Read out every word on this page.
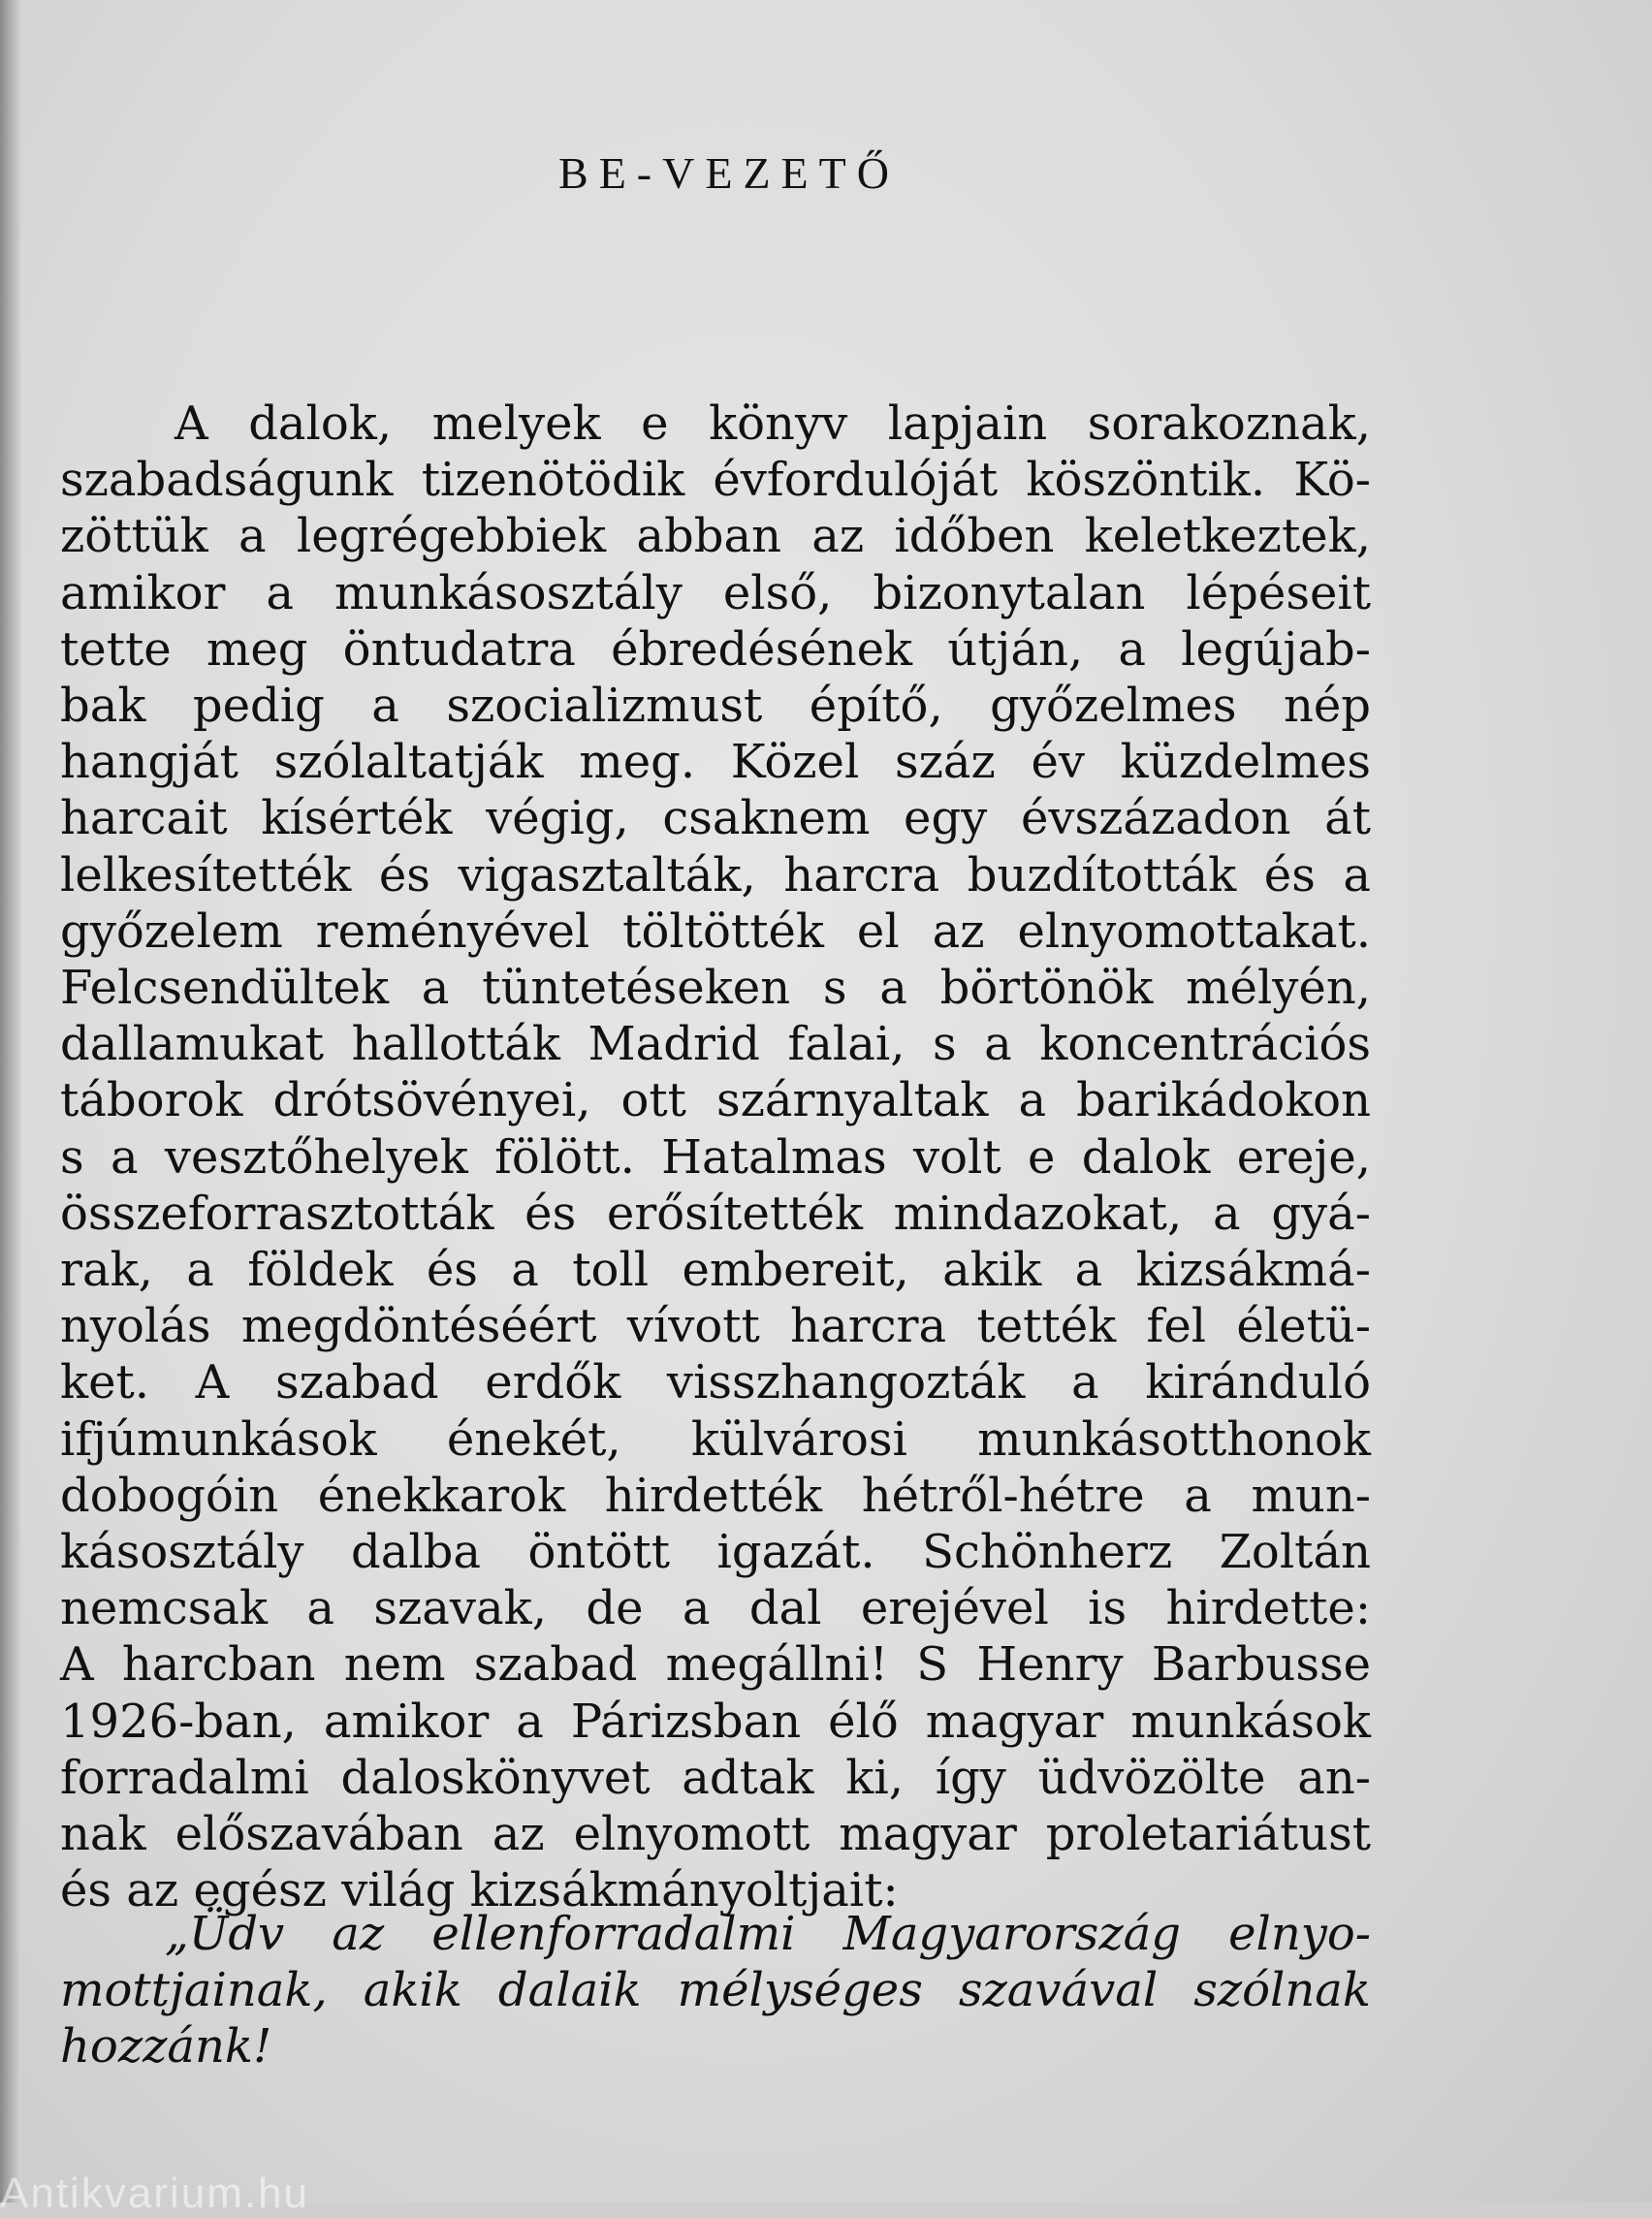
BE-VEZETŐ
A dalok, melyek e könyv lapjain sorakoznak,
szabadságunk tizenötödik évfordulóját köszöntik. Kö-
zöttük a legrégebbiek abban az időben keletkeztek,
amikor a munkásosztály első, bizonytalan lépéseit
tette meg öntudatra ébredésének útján, a legújab-
bak pedig a szocializmust építő, győzelmes nép
hangját szólaltatják meg. Közel száz év küzdelmes
harcait kísérték végig, csaknem egy évszázadon át
lelkesítették és vigasztalták, harcra buzdították és a
győzelem reményével töltötték el az elnyomottakat.
Felcsendültek a tüntetéseken s a börtönök mélyén,
dallamukat hallották Madrid falai, s a koncentrációs
táborok drótsövényei, ott szárnyaltak a barikádokon
s a vesztőhelyek fölött. Hatalmas volt e dalok ereje,
összeforrasztották és erősítették mindazokat, a gyá-
rak, a földek és a toll embereit, akik a kizsákmá-
nyolás megdöntéséért vívott harcra tették fel életü-
ket. A szabad erdők visszhangozták a kiránduló
ifjúmunkások énekét, külvárosi munkásotthonok
dobogóin énekkarok hirdették hétről-hétre a mun-
kásosztály dalba öntött igazát. Schönherz Zoltán
nemcsak a szavak, de a dal erejével is hirdette:
A harcban nem szabad megállni! S Henry Barbusse
1926-ban, amikor a Párizsban élő magyar munkások
forradalmi daloskönyvet adtak ki, így üdvözölte an-
nak előszavában az elnyomott magyar proletariátust
és az egész világ kizsákmányoltjait:
„Üdv az ellenforradalmi Magyarország elnyo-
mottjainak, akik dalaik mélységes szavával szólnak
hozzánk!
Antikvarium.hu
